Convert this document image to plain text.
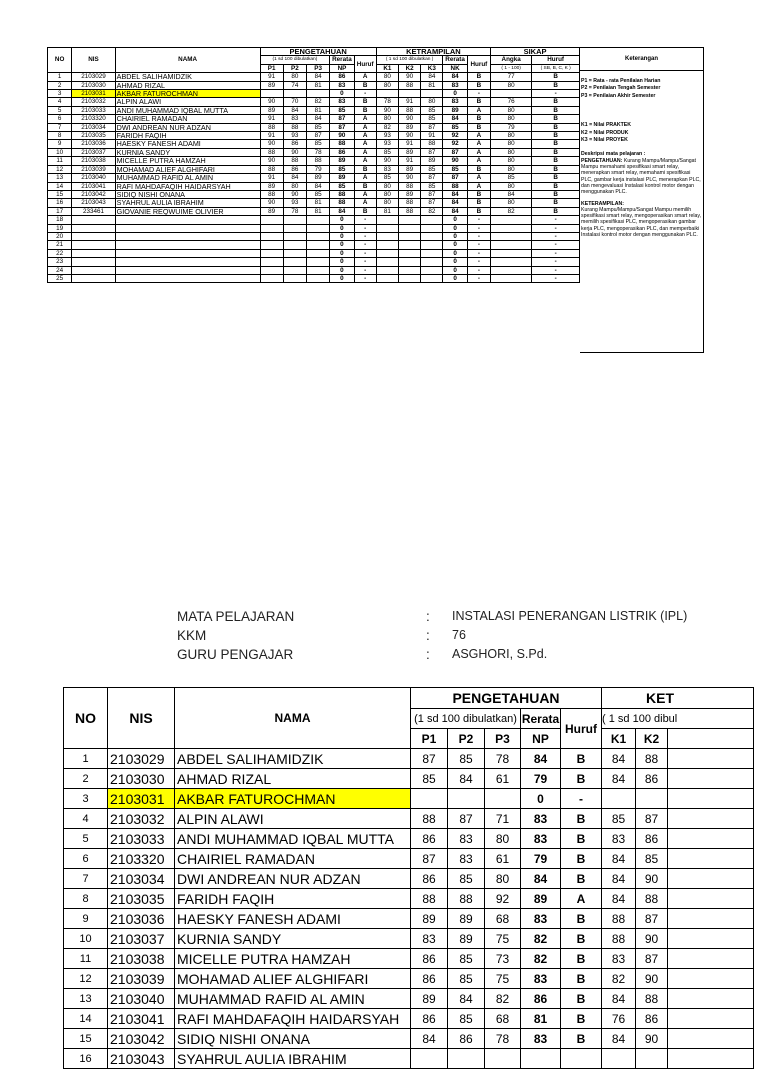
NO	NIS	NAMA	PENGETAHUAN					KETRAMPILAN					SIKAP	
			(1 sd 100 dibulatkan)			Rerata	Huruf	( 1 sd 100 dibulatkan )			Rerata	Huruf	Angka	Huruf
			P1	P2	P3	NP		K1	K2	K3	NK		( 1 - 100)	( SB, B, C, K )
1	2103029	ABDEL SALIHAMIDZIK	91	80	84	86	A	80	90	84	84	B	77	B
2	2103030	AHMAD RIZAL	89	74	81	83	B	80	88	81	83	B	80	B
3	2103031	AKBAR FATUROCHMAN				0	-				0	-		-
4	2103032	ALPIN ALAWI	90	70	82	83	B	78	91	80	83	B	76	B
5	2103033	ANDI MUHAMMAD IQBAL MUTTA	89	84	81	85	B	90	88	85	89	A	80	B
6	2103320	CHAIRIEL RAMADAN	91	83	84	87	A	80	90	85	84	B	80	B
7	2103034	DWI ANDREAN NUR ADZAN	88	88	85	87	A	82	89	87	85	B	79	B
8	2103035	FARIDH FAQIH	91	93	87	90	A	93	90	91	92	A	80	B
9	2103036	HAESKY FANESH ADAMI	90	86	85	88	A	93	91	88	92	A	80	B
10	2103037	KURNIA SANDY	88	90	78	86	A	85	89	87	87	A	80	B
11	2103038	MICELLE PUTRA HAMZAH	90	88	88	89	A	90	91	89	90	A	80	B
12	2103039	MOHAMAD ALIEF ALGHIFARI	88	86	79	85	B	83	89	85	85	B	80	B
13	2103040	MUHAMMAD RAFID AL AMIN	91	84	89	89	A	85	90	87	87	A	85	B
14	2103041	RAFI MAHDAFAQIH HAIDARSYAH	89	80	84	85	B	80	88	85	88	A	80	B
15	2103042	SIDIQ NISHI ONANA	88	90	85	88	A	80	89	87	84	B	84	B
16	2103043	SYAHRUL AULIA IBRAHIM	90	93	81	88	A	80	88	87	84	B	80	B
17	233461	GIOVANIE REQWUIME OLIVIER	89	78	81	84	B	81	88	82	84	B	82	B
18						0	-				0	-		-
19						0	-				0	-		-
20						0	-				0	-		-
21						0	-				0	-		-
22						0	-				0	-		-
23						0	-				0	-		-
24						0	-				0	-		-
25						0	-				0	-		-
Keterangan
P1 = Rata - rata Penilaian Harian
P2 = Penilaian Tengah Semester
P3 = Penilaian Akhir Semester
K1 = Nilai PRAKTEK
K2 = Nilai PRODUK
K3 = Nilai PROYEK
Deskripsi mata pelajaran :
PENGETAHUAN: Kurang Mampu/Mampu/Sangat Mampu memahami spesifikasi smart relay, menerapkan smart relay, memahami spesifikasi PLC, gambar kerja instalasi PLC, menerapkan PLC, dan mengevaluasi Instalasi kontrol motor dengan menggunakan PLC.
KETERAMPILAN:
Kurang Mampu/Mampu/Sangat Mampu memilih spesifikasi smart relay, mengoperasikan smart relay, memilih spesifikasi PLC, mengoperasikan gambar kerja PLC, mengoperasikan PLC, dan memperbaiki Instalasi kontrol motor dengan menggunakan PLC.
MATA PELAJARAN	: INSTALASI PENERANGAN LISTRIK (IPL)
KKM	: 76
GURU PENGAJAR	: ASGHORI, S.Pd.
NO	NIS	NAMA	PENGETAHUAN					KET		
			(1 sd 100 dibulatkan)			Rerata	Huruf	( 1 sd 100 dibul		
			P1	P2	P3	NP		K1	K2	
1	2103029	ABDEL SALIHAMIDZIK	87	85	78	84	B	84	88	
2	2103030	AHMAD RIZAL	85	84	61	79	B	84	86	
3	2103031	AKBAR FATUROCHMAN				0	-			
4	2103032	ALPIN ALAWI	88	87	71	83	B	85	87	
5	2103033	ANDI MUHAMMAD IQBAL MUTTA	86	83	80	83	B	83	86	
6	2103320	CHAIRIEL RAMADAN	87	83	61	79	B	84	85	
7	2103034	DWI ANDREAN NUR ADZAN	86	85	80	84	B	84	90	
8	2103035	FARIDH FAQIH	88	88	92	89	A	84	88	
9	2103036	HAESKY FANESH ADAMI	89	89	68	83	B	88	87	
10	2103037	KURNIA SANDY	83	89	75	82	B	88	90	
11	2103038	MICELLE PUTRA HAMZAH	86	85	73	82	B	83	87	
12	2103039	MOHAMAD ALIEF ALGHIFARI	86	85	75	83	B	82	90	
13	2103040	MUHAMMAD RAFID AL AMIN	89	84	82	86	B	84	88	
14	2103041	RAFI MAHDAFAQIH HAIDARSYAH	86	85	68	81	B	76	86	
15	2103042	SIDIQ NISHI ONANA	84	86	78	83	B	84	90	
16	2103043	SYAHRUL AULIA IBRAHIM								
